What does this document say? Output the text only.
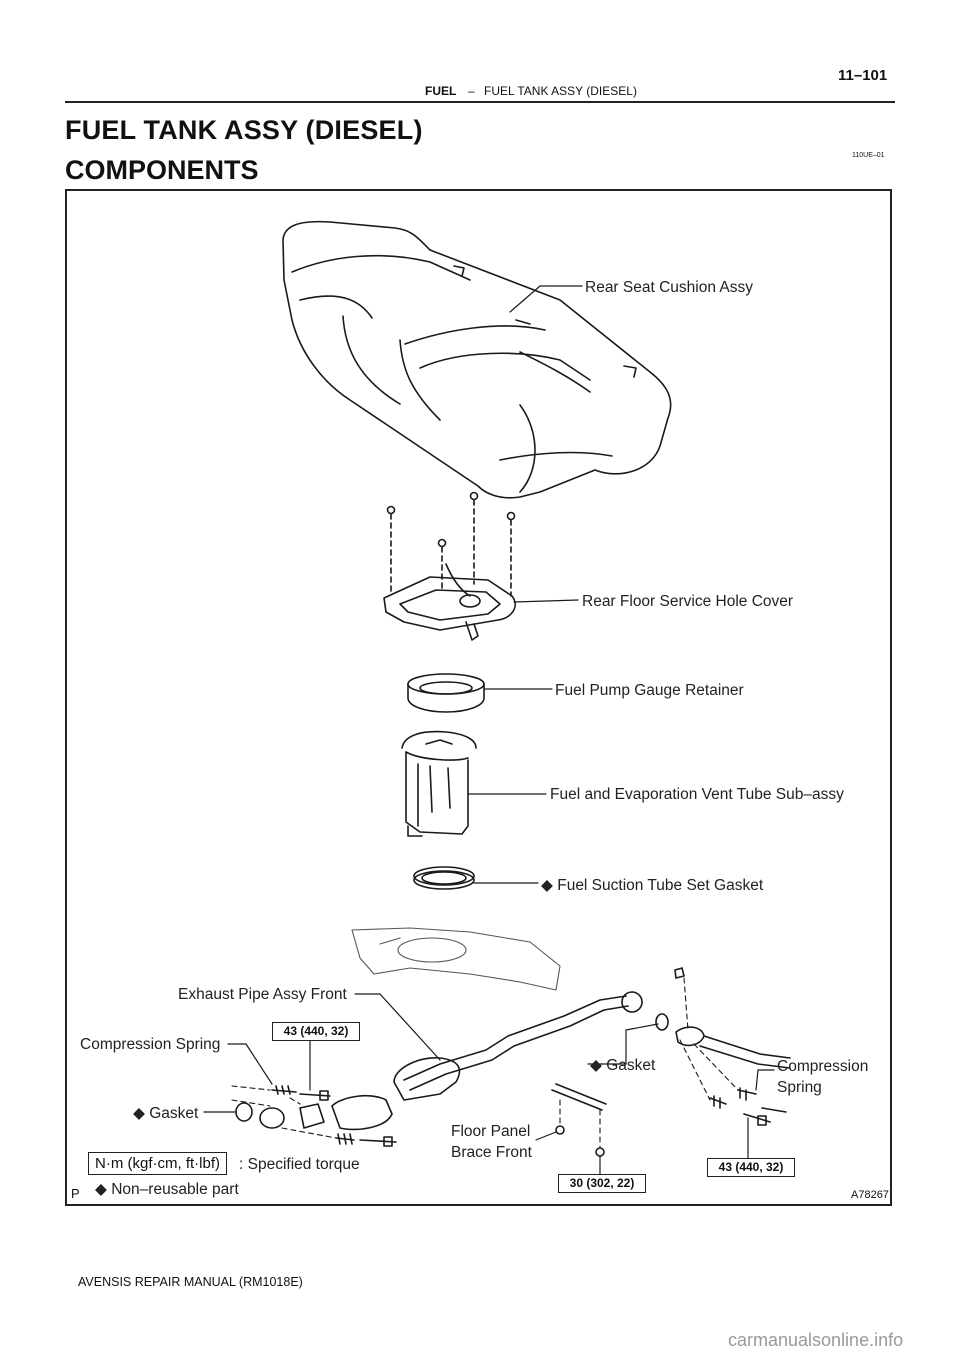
FUEL – FUEL TANK ASSY (DIESEL)
11–101
FUEL TANK ASSY (DIESEL)
COMPONENTS	110UE–01
Rear Seat Cushion Assy
Rear Floor Service Hole Cover
Fuel Pump Gauge Retainer
Fuel and Evaporation Vent Tube Sub–assy
◆ Fuel Suction Tube Set Gasket
Exhaust Pipe Assy Front
Compression Spring
◆ Gasket
◆ Gasket	Compression
Spring
Floor Panel
Brace Front
43 (440, 32)
43 (440, 32)
30 (302, 22)
N·m (kgf·cm, ft·lbf)	: Specified torque
◆ Non–reusable part
P	A78267
AVENSIS REPAIR MANUAL (RM1018E)
carmanualsonline.info
